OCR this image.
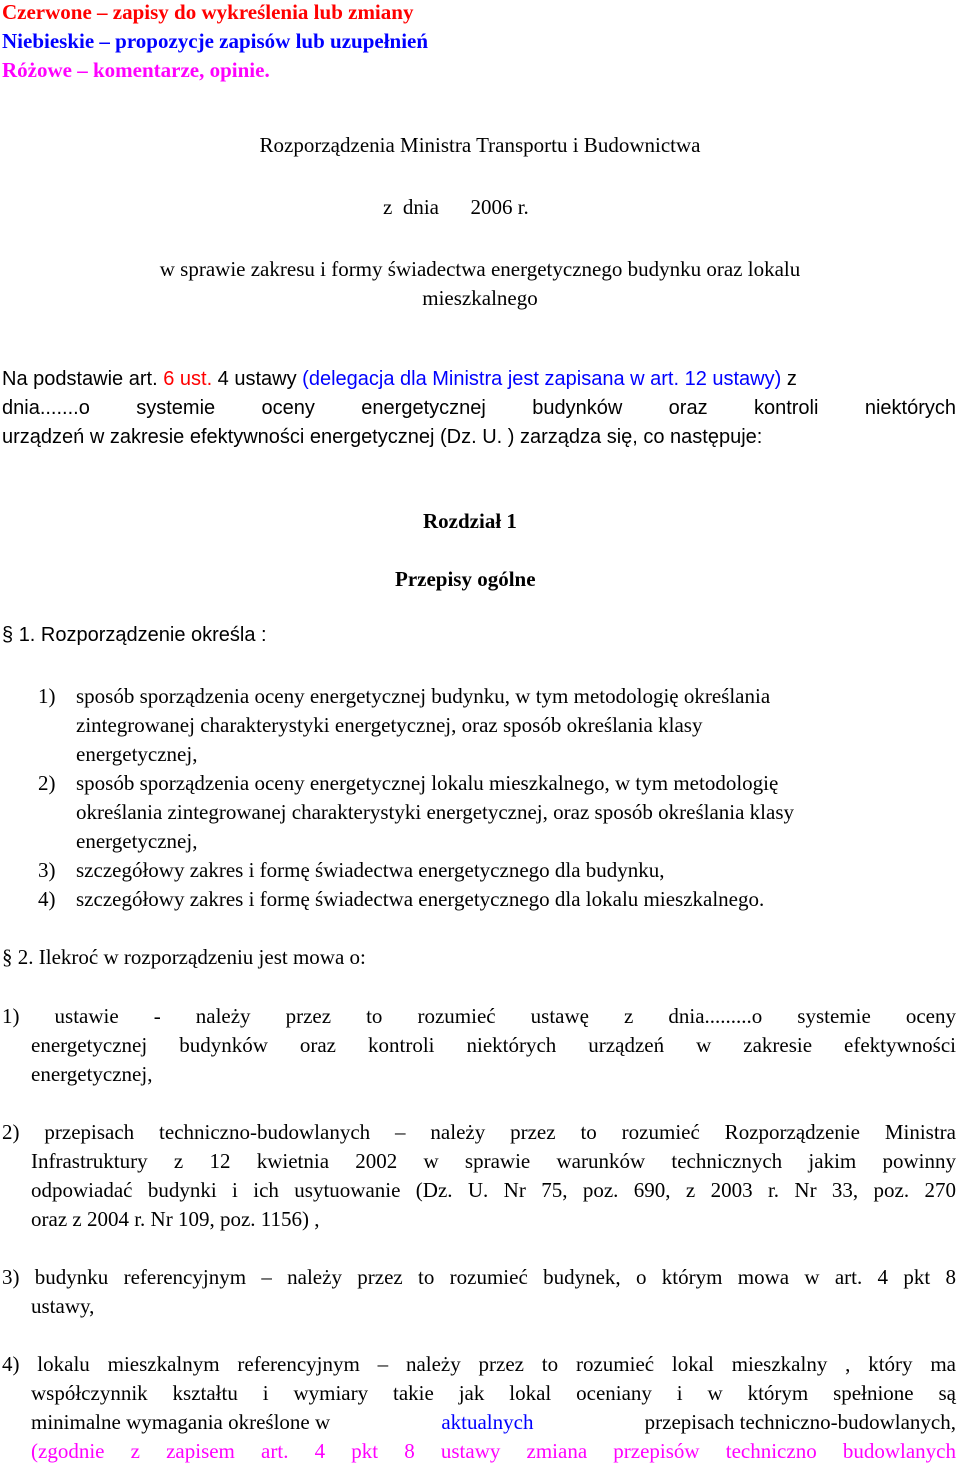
Czerwone – zapisy do wykreślenia lub zmiany
Niebieskie – propozycje zapisów lub uzupełnień
Różowe – komentarze, opinie.
Rozporządzenia Ministra Transportu i Budownictwa
z  dnia      2006 r.
w sprawie zakresu i formy świadectwa energetycznego budynku oraz lokalu
mieszkalnego
Na podstawie art. 6 ust. 4 ustawy (delegacja dla Ministra jest zapisana w art. 12 ustawy) z
dnia.......o systemie oceny energetycznej budynków oraz kontroli niektórych
urządzeń w zakresie efektywności energetycznej (Dz. U. ) zarządza się, co następuje:
Rozdział 1
Przepisy ogólne
§ 1. Rozporządzenie określa :
1) sposób sporządzenia oceny energetycznej budynku, w tym metodologię określania
zintegrowanej charakterystyki energetycznej, oraz sposób określania klasy
energetycznej,
2) sposób sporządzenia oceny energetycznej lokalu mieszkalnego, w tym metodologię
określania zintegrowanej charakterystyki energetycznej, oraz sposób określania klasy
energetycznej,
3) szczegółowy zakres i formę świadectwa energetycznego dla budynku,
4) szczegółowy zakres i formę świadectwa energetycznego dla lokalu mieszkalnego.
§ 2. Ilekroć w rozporządzeniu jest mowa o:
1) ustawie - należy przez to rozumieć ustawę z dnia.........o systemie oceny
energetycznej budynków oraz kontroli niektórych urządzeń w zakresie efektywności
energetycznej,
2) przepisach techniczno-budowlanych – należy przez to rozumieć Rozporządzenie Ministra
Infrastruktury z 12 kwietnia 2002 w sprawie warunków technicznych jakim powinny
odpowiadać budynki i ich usytuowanie (Dz. U. Nr 75, poz. 690, z 2003 r. Nr 33, poz. 270
oraz z 2004 r. Nr 109, poz. 1156) ,
3) budynku referencyjnym – należy przez to rozumieć budynek, o którym mowa w art. 4 pkt 8
ustawy,
4) lokalu mieszkalnym referencyjnym – należy przez to rozumieć lokal mieszkalny , który ma
współczynnik kształtu i wymiary takie jak lokal oceniany i w którym spełnione są
minimalne wymagania określone w	aktualnych	przepisach techniczno-budowlanych,
(zgodnie z zapisem art. 4 pkt 8 ustawy zmiana przepisów techniczno budowlanych
